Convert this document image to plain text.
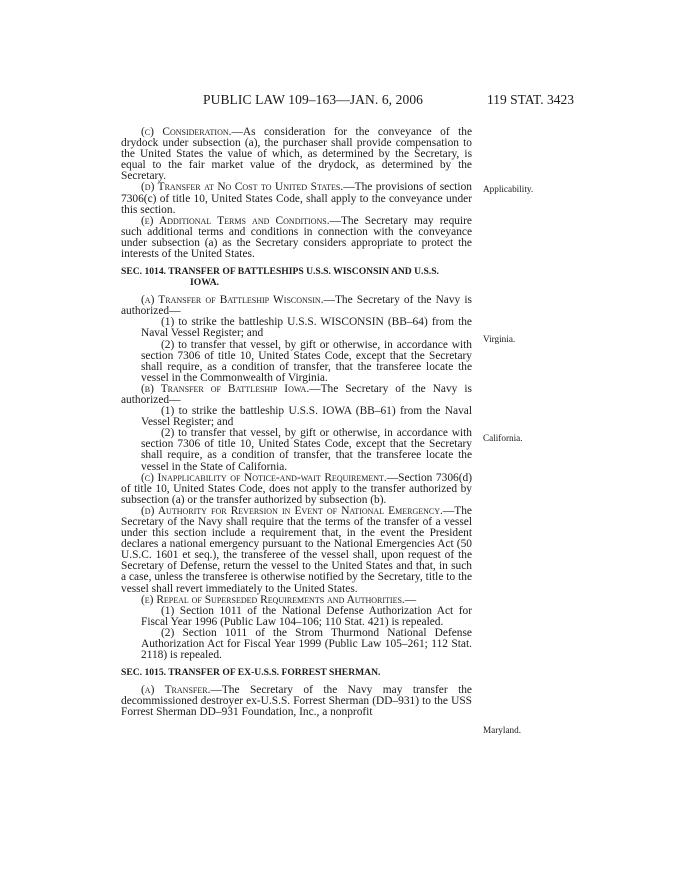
PUBLIC LAW 109–163—JAN. 6, 2006	119 STAT. 3423
Applicability.
Virginia.
California.
Maryland.

(c) Consideration.—As consideration for the conveyance of the drydock under subsection (a), the purchaser shall provide compensation to the United States the value of which, as determined by the Secretary, is equal to the fair market value of the drydock, as determined by the Secretary.

(d) Transfer at No Cost to United States.—The provisions of section 7306(c) of title 10, United States Code, shall apply to the conveyance under this section.

(e) Additional Terms and Conditions.—The Secretary may require such additional terms and conditions in connection with the conveyance under subsection (a) as the Secretary considers appropriate to protect the interests of the United States.

SEC. 1014. TRANSFER OF BATTLESHIPS U.S.S. WISCONSIN AND U.S.S.
IOWA.

(a) Transfer of Battleship Wisconsin.—The Secretary of the Navy is authorized—

(1) to strike the battleship U.S.S. WISCONSIN (BB–64) from the Naval Vessel Register; and

(2) to transfer that vessel, by gift or otherwise, in accordance with section 7306 of title 10, United States Code, except that the Secretary shall require, as a condition of transfer, that the transferee locate the vessel in the Commonwealth of Virginia.

(b) Transfer of Battleship Iowa.—The Secretary of the Navy is authorized—

(1) to strike the battleship U.S.S. IOWA (BB–61) from the Naval Vessel Register; and

(2) to transfer that vessel, by gift or otherwise, in accordance with section 7306 of title 10, United States Code, except that the Secretary shall require, as a condition of transfer, that the transferee locate the vessel in the State of California.

(c) Inapplicability of Notice-and-wait Requirement.—Section 7306(d) of title 10, United States Code, does not apply to the transfer authorized by subsection (a) or the transfer authorized by subsection (b).

(d) Authority for Reversion in Event of National Emergency.—The Secretary of the Navy shall require that the terms of the transfer of a vessel under this section include a requirement that, in the event the President declares a national emergency pursuant to the National Emergencies Act (50 U.S.C. 1601 et seq.), the transferee of the vessel shall, upon request of the Secretary of Defense, return the vessel to the United States and that, in such a case, unless the transferee is otherwise notified by the Secretary, title to the vessel shall revert immediately to the United States.

(e) Repeal of Superseded Requirements and Authorities.—

(1) Section 1011 of the National Defense Authorization Act for Fiscal Year 1996 (Public Law 104–106; 110 Stat. 421) is repealed.

(2) Section 1011 of the Strom Thurmond National Defense Authorization Act for Fiscal Year 1999 (Public Law 105–261; 112 Stat. 2118) is repealed.

SEC. 1015. TRANSFER OF EX-U.S.S. FORREST SHERMAN.

(a) Transfer.—The Secretary of the Navy may transfer the decommissioned destroyer ex-U.S.S. Forrest Sherman (DD–931) to the USS Forrest Sherman DD–931 Foundation, Inc., a nonprofit
